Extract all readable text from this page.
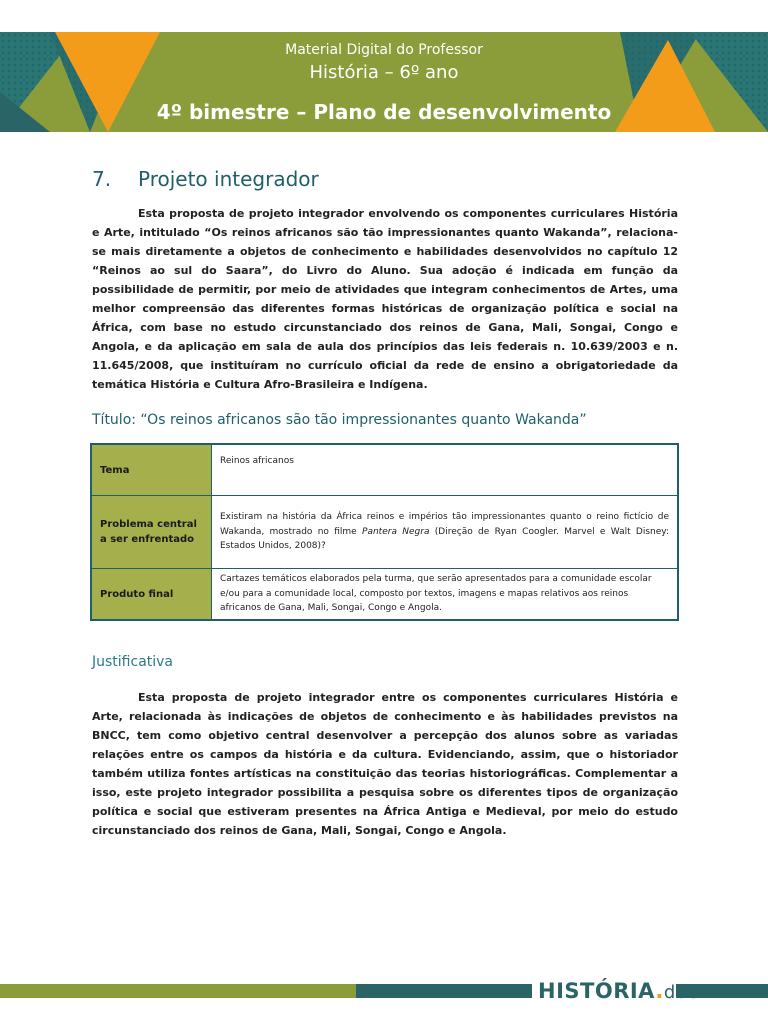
Material Digital do Professor
História – 6º ano
4º bimestre – Plano de desenvolvimento
7. Projeto integrador

Esta proposta de projeto integrador envolvendo os componentes curriculares História e Arte, intitulado “Os reinos africanos são tão impressionantes quanto Wakanda”, relaciona-se mais diretamente a objetos de conhecimento e habilidades desenvolvidos no capítulo 12 “Reinos ao sul do Saara”, do Livro do Aluno. Sua adoção é indicada em função da possibilidade de permitir, por meio de atividades que integram conhecimentos de Artes, uma melhor compreensão das diferentes formas históricas de organização política e social na África, com base no estudo circunstanciado dos reinos de Gana, Mali, Songai, Congo e Angola, e da aplicação em sala de aula dos princípios das leis federais n. 10.639/2003 e n. 11.645/2008, que instituíram no currículo oficial da rede de ensino a obrigatoriedade da temática História e Cultura Afro-Brasileira e Indígena.

Título: “Os reinos africanos são tão impressionantes quanto Wakanda”
Tema	Reinos africanos
Problema central a ser enfrentado	Existiram na história da África reinos e impérios tão impressionantes quanto o reino fictício de Wakanda, mostrado no filme Pantera Negra (Direção de Ryan Coogler. Marvel e Walt Disney: Estados Unidos, 2008)?
Produto final	Cartazes temáticos elaborados pela turma, que serão apresentados para a comunidade escolar e/ou para a comunidade local, composto por textos, imagens e mapas relativos aos reinos africanos de Gana, Mali, Songai, Congo e Angola.
Justificativa

Esta proposta de projeto integrador entre os componentes curriculares História e Arte, relacionada às indicações de objetos de conhecimento e às habilidades previstos na BNCC, tem como objetivo central desenvolver a percepção dos alunos sobre as variadas relações entre os campos da história e da cultura. Evidenciando, assim, que o historiador também utiliza fontes artísticas na constituição das teorias historiográficas. Complementar a isso, este projeto integrador possibilita a pesquisa sobre os diferentes tipos de organização política e social que estiveram presentes na África Antiga e Medieval, por meio do estudo circunstanciado dos reinos de Gana, Mali, Songai, Congo e Angola.

HISTÓRIA.doc
